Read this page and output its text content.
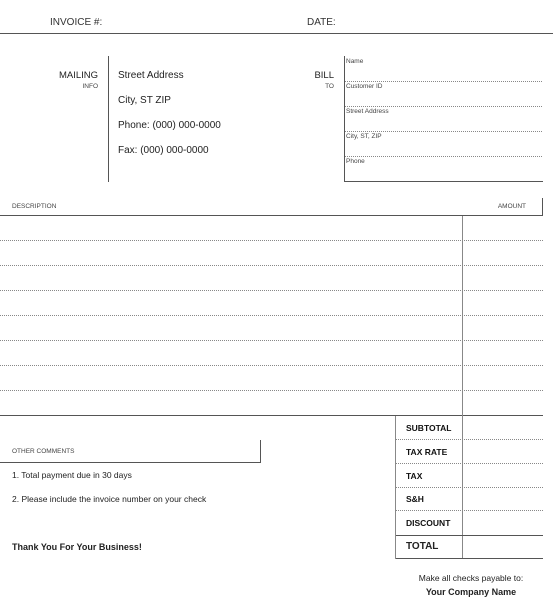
INVOICE #:	DATE:
MAILING
INFO
Street Address
City, ST ZIP
Phone: (000) 000-0000
Fax: (000) 000-0000
BILL
TO
Name
Customer ID
Street Address
City, ST, ZIP
Phone
DESCRIPTION	AMOUNT
OTHER COMMENTS
1. Total payment due in 30 days
2. Please include the invoice number on your check
Thank You For Your Business!
SUBTOTAL
TAX RATE
TAX
S&H
DISCOUNT
TOTAL
Make all checks payable to:
Your Company Name
